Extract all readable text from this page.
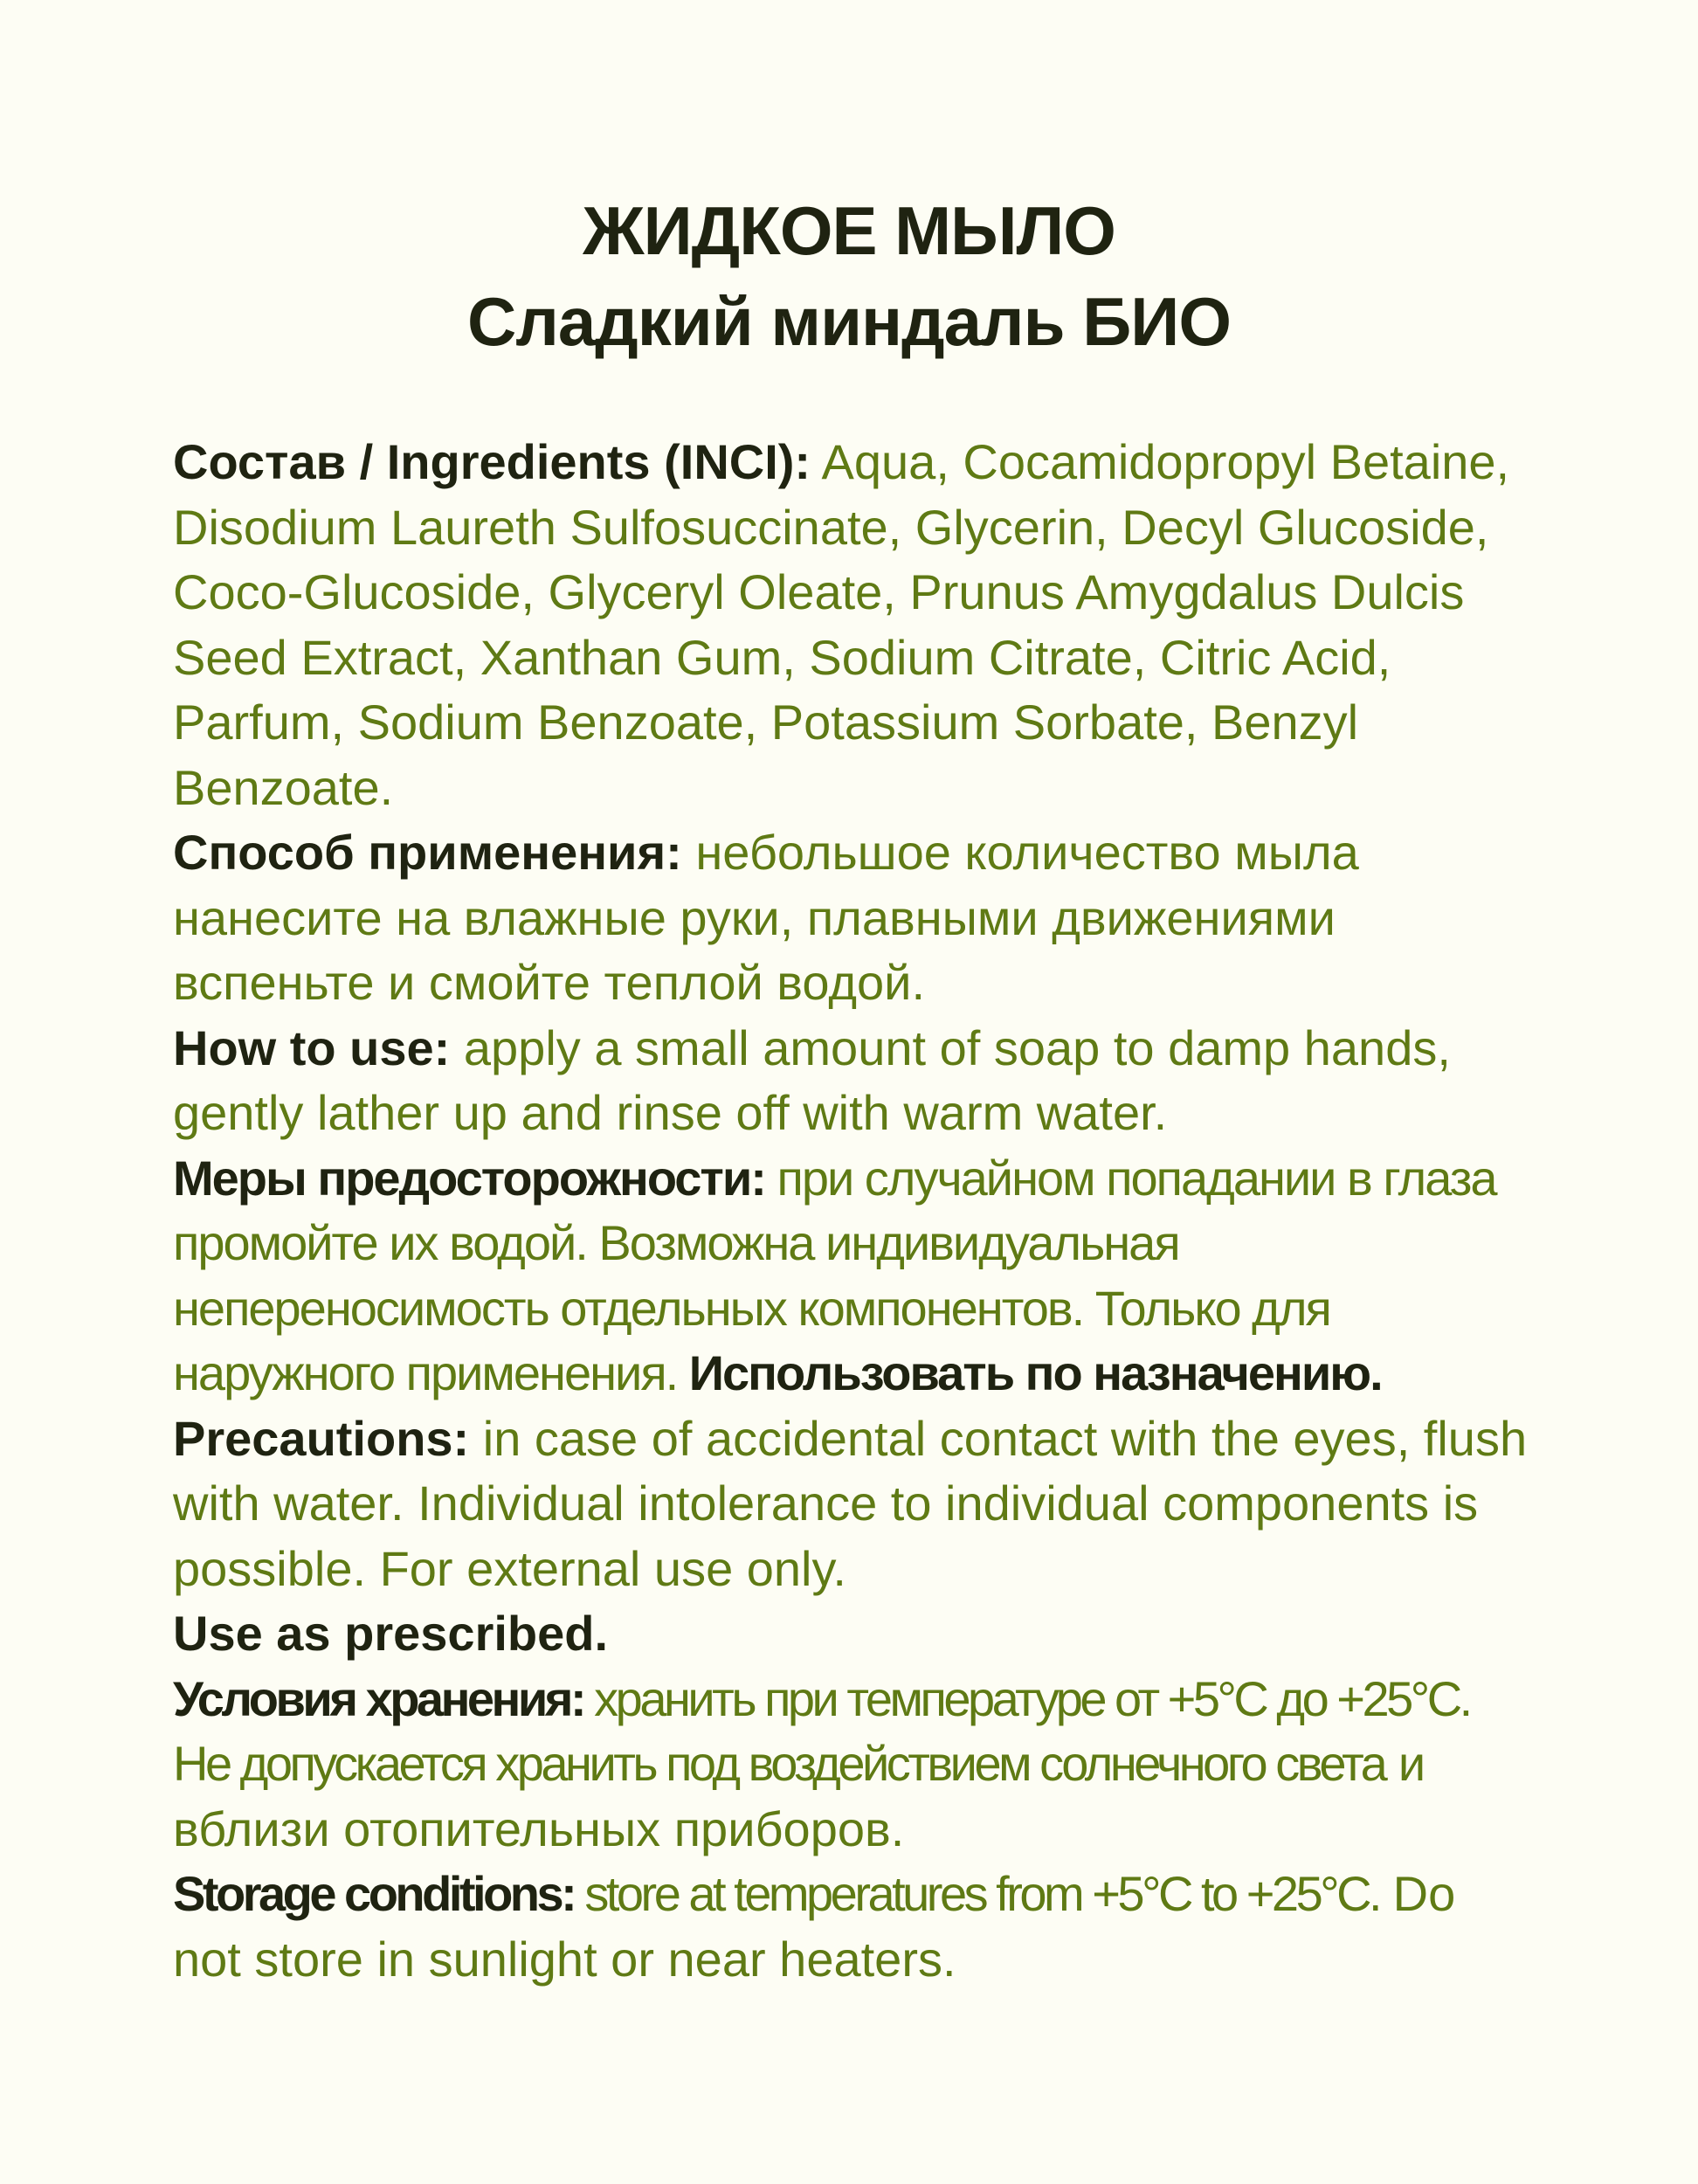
ЖИДКОЕ МЫЛО
Сладкий миндаль БИО

Состав / Ingredients (INCI): Aqua, Cocamidopropyl Betaine, Disodium Laureth Sulfosuccinate, Glycerin, Decyl Glucoside, Coco-Glucoside, Glyceryl Oleate, Prunus Amygdalus Dulcis Seed Extract, Xanthan Gum, Sodium Citrate, Citric Acid, Parfum, Sodium Benzoate, Potassium Sorbate, Benzyl Benzoate.

Способ применения: небольшое количество мыла нанесите на влажные руки, плавными движениями вспеньте и смойте теплой водой.

How to use: apply a small amount of soap to damp hands, gently lather up and rinse off with warm water.

Меры предосторожности: при случайном попадании в глаза промойте их водой. Возможна индивидуальная непереносимость отдельных компонентов. Только для наружного применения. Использовать по назначению.

Precautions: in case of accidental contact with the eyes, flush with water. Individual intolerance to individual components is possible. For external use only.

Use as prescribed.

Условия хранения: хранить при температуре от +5°С до +25°С. Не допускается хранить под воздействием солнечного света и вблизи отопительных приборов.

Storage conditions: store at temperatures from +5°C to +25°C. Do not store in sunlight or near heaters.
